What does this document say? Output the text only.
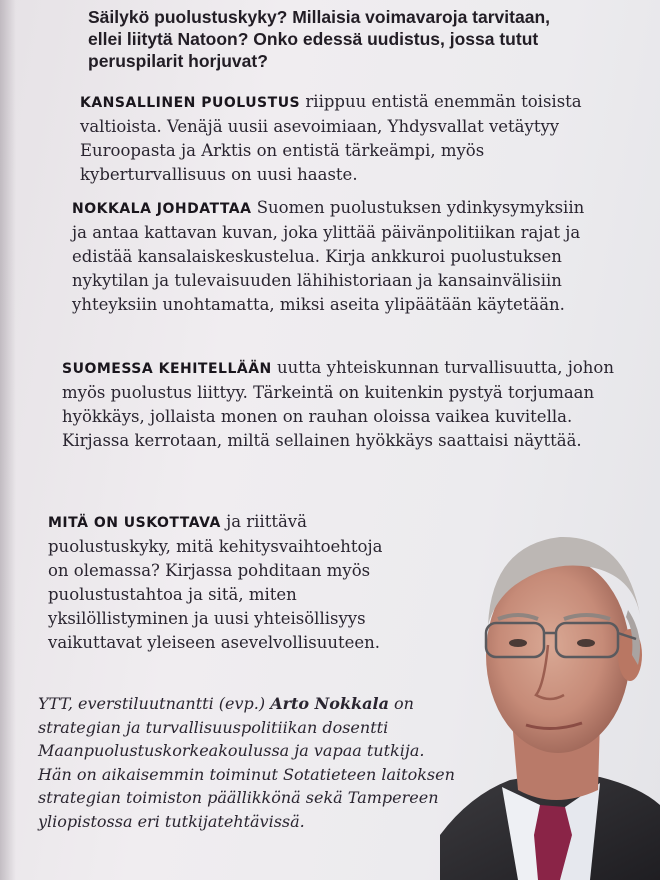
Säilykö puolustuskyky? Millaisia voimavaroja tarvitaan, ellei liitytä Natoon? Onko edessä uudistus, jossa tutut peruspilarit horjuvat?

KANSALLINEN PUOLUSTUS riippuu entistä enemmän toisista valtioista. Venäjä uusii asevoimiaan, Yhdysvallat vetäytyy Euroopasta ja Arktis on entistä tärkeämpi, myös kyberturvallisuus on uusi haaste.

NOKKALA JOHDATTAA Suomen puolustuksen ydinkysymyksiin ja antaa kattavan kuvan, joka ylittää päivänpolitiikan rajat ja edistää kansalaiskeskustelua. Kirja ankkuroi puolustuksen nykytilan ja tulevaisuuden lähihistoriaan ja kansainvälisiin yhteyksiin unohtamatta, miksi aseita ylipäätään käytetään.

SUOMESSA KEHITELLÄÄN uutta yhteiskunnan turvallisuutta, johon myös puolustus liittyy. Tärkeintä on kuitenkin pystyä torjumaan hyökkäys, jollaista monen on rauhan oloissa vaikea kuvitella. Kirjassa kerrotaan, miltä sellainen hyökkäys saattaisi näyttää.

MITÄ ON USKOTTAVA ja riittävä puolustuskyky, mitä kehitysvaihtoehtoja on olemassa? Kirjassa pohditaan myös puolustustahtoa ja sitä, miten yksilöllistyminen ja uusi yhteisöllisyys vaikuttavat yleiseen asevelvollisuuteen.

YTT, everstiluutnantti (evp.) Arto Nokkala on strategian ja turvallisuuspolitiikan dosentti Maanpuolustuskorkeakoulussa ja vapaa tutkija. Hän on aikaisemmin toiminut Sotatieteen laitoksen strategian toimiston päällikkönä sekä Tampereen yliopistossa eri tutkijatehtävissä.
